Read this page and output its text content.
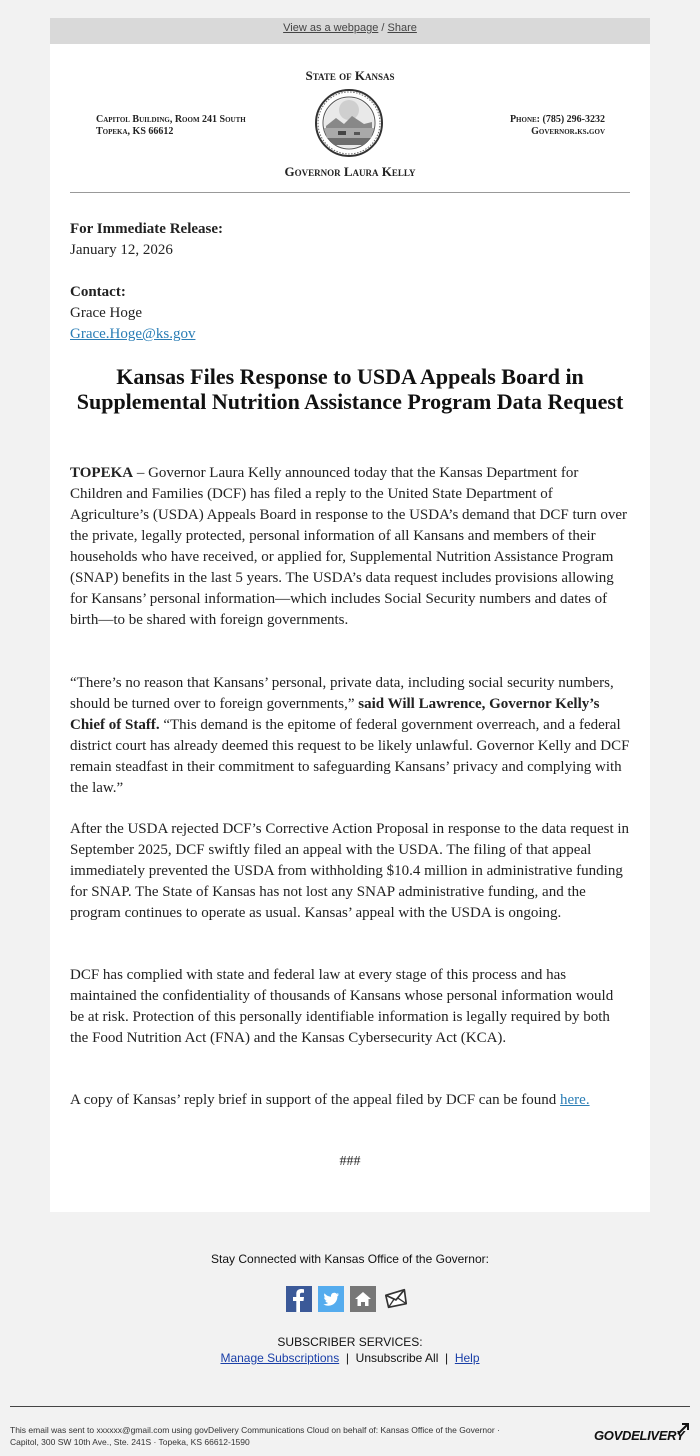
View as a webpage / Share
State of Kansas
Capitol Building, Room 241 South
Topeka, KS 66612
Phone: (785) 296-3232
Governor.ks.gov
Governor Laura Kelly

For Immediate Release:

January 12, 2026

Contact:

Grace Hoge

Grace.Hoge@ks.gov

Kansas Files Response to USDA Appeals Board in Supplemental Nutrition Assistance Program Data Request

TOPEKA – Governor Laura Kelly announced today that the Kansas Department for Children and Families (DCF) has filed a reply to the United State Department of Agriculture’s (USDA) Appeals Board in response to the USDA’s demand that DCF turn over the private, legally protected, personal information of all Kansans and members of their households who have received, or applied for, Supplemental Nutrition Assistance Program (SNAP) benefits in the last 5 years. The USDA’s data request includes provisions allowing for Kansans’ personal information—which includes Social Security numbers and dates of birth—to be shared with foreign governments.

“There’s no reason that Kansans’ personal, private data, including social security numbers, should be turned over to foreign governments,” said Will Lawrence, Governor Kelly’s Chief of Staff. “This demand is the epitome of federal government overreach, and a federal district court has already deemed this request to be likely unlawful. Governor Kelly and DCF remain steadfast in their commitment to safeguarding Kansans’ privacy and complying with the law.”

After the USDA rejected DCF’s Corrective Action Proposal in response to the data request in September 2025, DCF swiftly filed an appeal with the USDA. The filing of that appeal immediately prevented the USDA from withholding $10.4 million in administrative funding for SNAP. The State of Kansas has not lost any SNAP administrative funding, and the program continues to operate as usual. Kansas’ appeal with the USDA is ongoing.

DCF has complied with state and federal law at every stage of this process and has maintained the confidentiality of thousands of Kansans whose personal information would be at risk. Protection of this personally identifiable information is legally required by both the Food Nutrition Act (FNA) and the Kansas Cybersecurity Act (KCA).

A copy of Kansas’ reply brief in support of the appeal filed by DCF can be found here.

###
Stay Connected with Kansas Office of the Governor:
SUBSCRIBER SERVICES:
Manage Subscriptions | Unsubscribe All | Help
This email was sent to xxxxxx@gmail.com using govDelivery Communications Cloud on behalf of: Kansas Office of the Governor ·
Capitol, 300 SW 10th Ave., Ste. 241S · Topeka, KS 66612-1590	GOVDELIVERY
